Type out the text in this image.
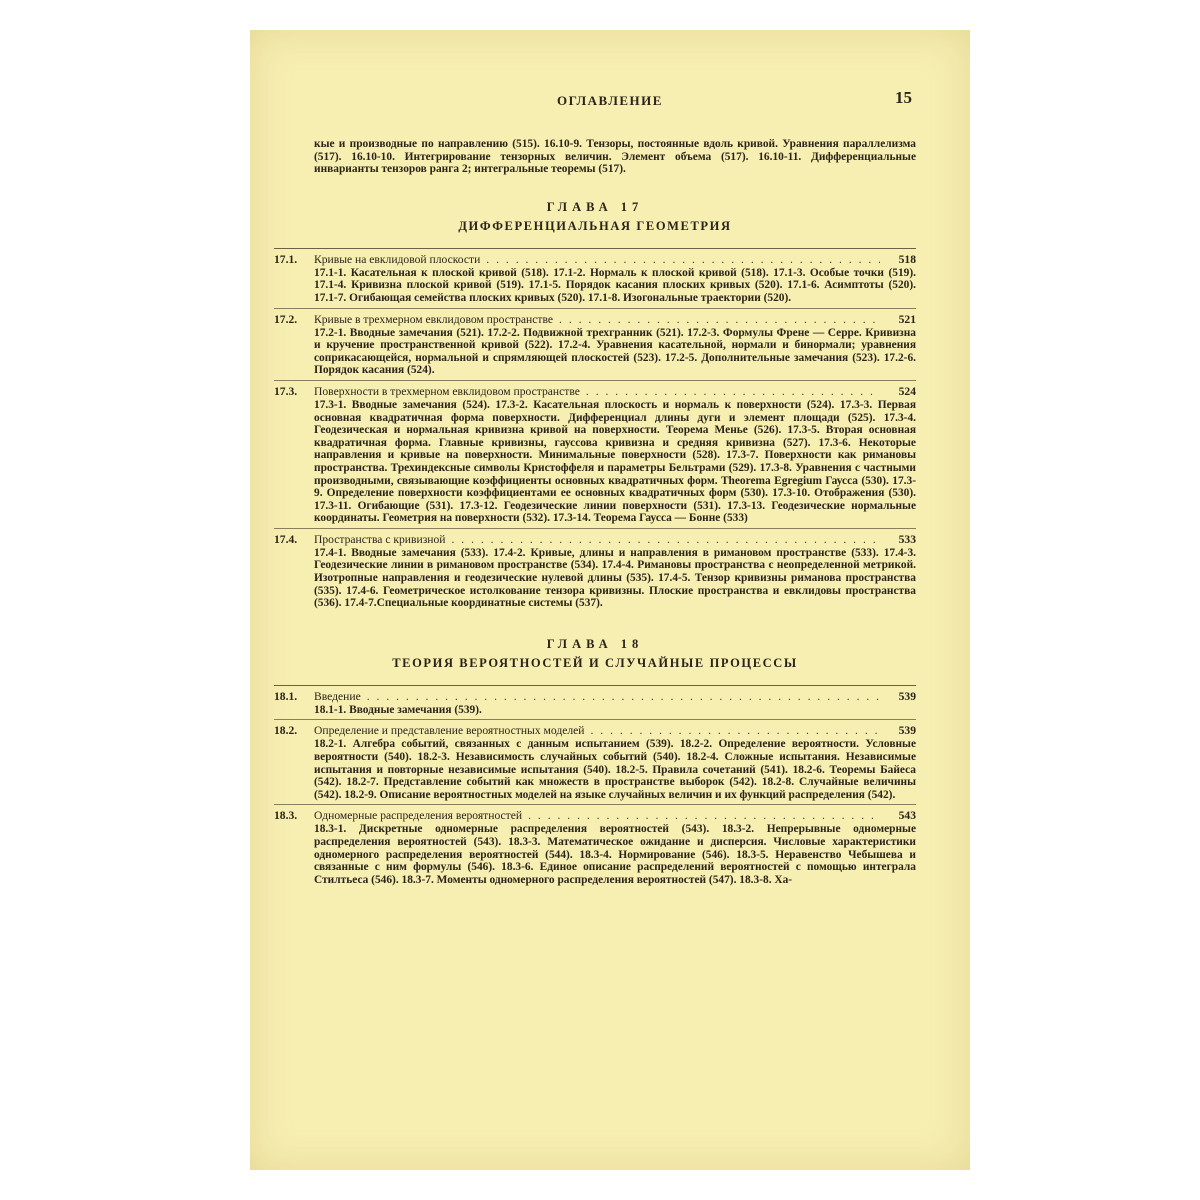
ОГЛАВЛЕНИЕ	15
кые и производные по направлению (515). 16.10-9. Тензоры, постоянные вдоль кривой. Уравнения параллелизма (517). 16.10-10. Интегрирование тензорных величин. Элемент объема (517). 16.10-11. Дифференциальные инварианты тензоров ранга 2; интегральные теоремы (517).
ГЛАВА 17
ДИФФЕРЕНЦИАЛЬНАЯ ГЕОМЕТРИЯ
17.1.	Кривые на евклидовой плоскости . . .	518
17.1-1. Касательная к плоской кривой (518). 17.1-2. Нормаль к плоской кривой (518). 17.1-3. Особые точки (519). 17.1-4. Кривизна плоской кривой (519). 17.1-5. Порядок касания плоских кривых (520). 17.1-6. Асимптоты (520). 17.1-7. Огибающая семейства плоских кривых (520). 17.1-8. Изогональные траектории (520).
17.2.	Кривые в трехмерном евклидовом пространстве . . .	521
17.2-1. Вводные замечания (521). 17.2-2. Подвижной трехгранник (521). 17.2-3. Формулы Френе — Серре. Кривизна и кручение пространственной кривой (522). 17.2-4. Уравнения касательной, нормали и бинормали; уравнения соприкасающейся, нормальной и спрямляющей плоскостей (523). 17.2-5. Дополнительные замечания (523). 17.2-6. Порядок касания (524).
17.3.	Поверхности в трехмерном евклидовом пространстве . . .	524
17.3-1. Вводные замечания (524). 17.3-2. Касательная плоскость и нормаль к поверхности (524). 17.3-3. Первая основная квадратичная форма поверхности. Дифференциал длины дуги и элемент площади (525). 17.3-4. Геодезическая и нормальная кривизна кривой на поверхности. Теорема Менье (526). 17.3-5. Вторая основная квадратичная форма. Главные кривизны, гауссова кривизна и средняя кривизна (527). 17.3-6. Некоторые направления и кривые на поверхности. Минимальные поверхности (528). 17.3-7. Поверхности как римановы пространства. Трехиндексные символы Кристоффеля и параметры Бельтрами (529). 17.3-8. Уравнения с частными производными, связывающие коэффициенты основных квадратичных форм. Theorema Egregium Гаусса (530). 17.3-9. Определение поверхности коэффициентами ее основных квадратичных форм (530). 17.3-10. Отображения (530). 17.3-11. Огибающие (531). 17.3-12. Геодезические линии поверхности (531). 17.3-13. Геодезические нормальные координаты. Геометрия на поверхности (532). 17.3-14. Теорема Гаусса — Бонне (533)
17.4.	Пространства с кривизной . . .	533
17.4-1. Вводные замечания (533). 17.4-2. Кривые, длины и направления в римановом пространстве (533). 17.4-3. Геодезические линии в римановом пространстве (534). 17.4-4. Римановы пространства с неопределенной метрикой. Изотропные направления и геодезические нулевой длины (535). 17.4-5. Тензор кривизны риманова пространства (535). 17.4-6. Геометрическое истолкование тензора кривизны. Плоские пространства и евклидовы пространства (536). 17.4-7.Специальные координатные системы (537).
ГЛАВА 18
ТЕОРИЯ ВЕРОЯТНОСТЕЙ И СЛУЧАЙНЫЕ ПРОЦЕССЫ
18.1.	Введение . . .	539
18.1-1. Вводные замечания (539).
18.2.	Определение и представление вероятностных моделей . . .	539
18.2-1. Алгебра событий, связанных с данным испытанием (539). 18.2-2. Определение вероятности. Условные вероятности (540). 18.2-3. Независимость случайных событий (540). 18.2-4. Сложные испытания. Независимые испытания и повторные независимые испытания (540). 18.2-5. Правила сочетаний (541). 18.2-6. Теоремы Байеса (542). 18.2-7. Представление событий как множеств в пространстве выборок (542). 18.2-8. Случайные величины (542). 18.2-9. Описание вероятностных моделей на языке случайных величин и их функций распределения (542).
18.3.	Одномерные распределения вероятностей . . .	543
18.3-1. Дискретные одномерные распределения вероятностей (543). 18.3-2. Непрерывные одномерные распределения вероятностей (543). 18.3-3. Математическое ожидание и дисперсия. Числовые характеристики одномерного распределения вероятностей (544). 18.3-4. Нормирование (546). 18.3-5. Неравенство Чебышева и связанные с ним формулы (546). 18.3-6. Единое описание распределений вероятностей с помощью интеграла Стилтьеса (546). 18.3-7. Моменты одномерного распределения вероятностей (547). 18.3-8. Ха-
